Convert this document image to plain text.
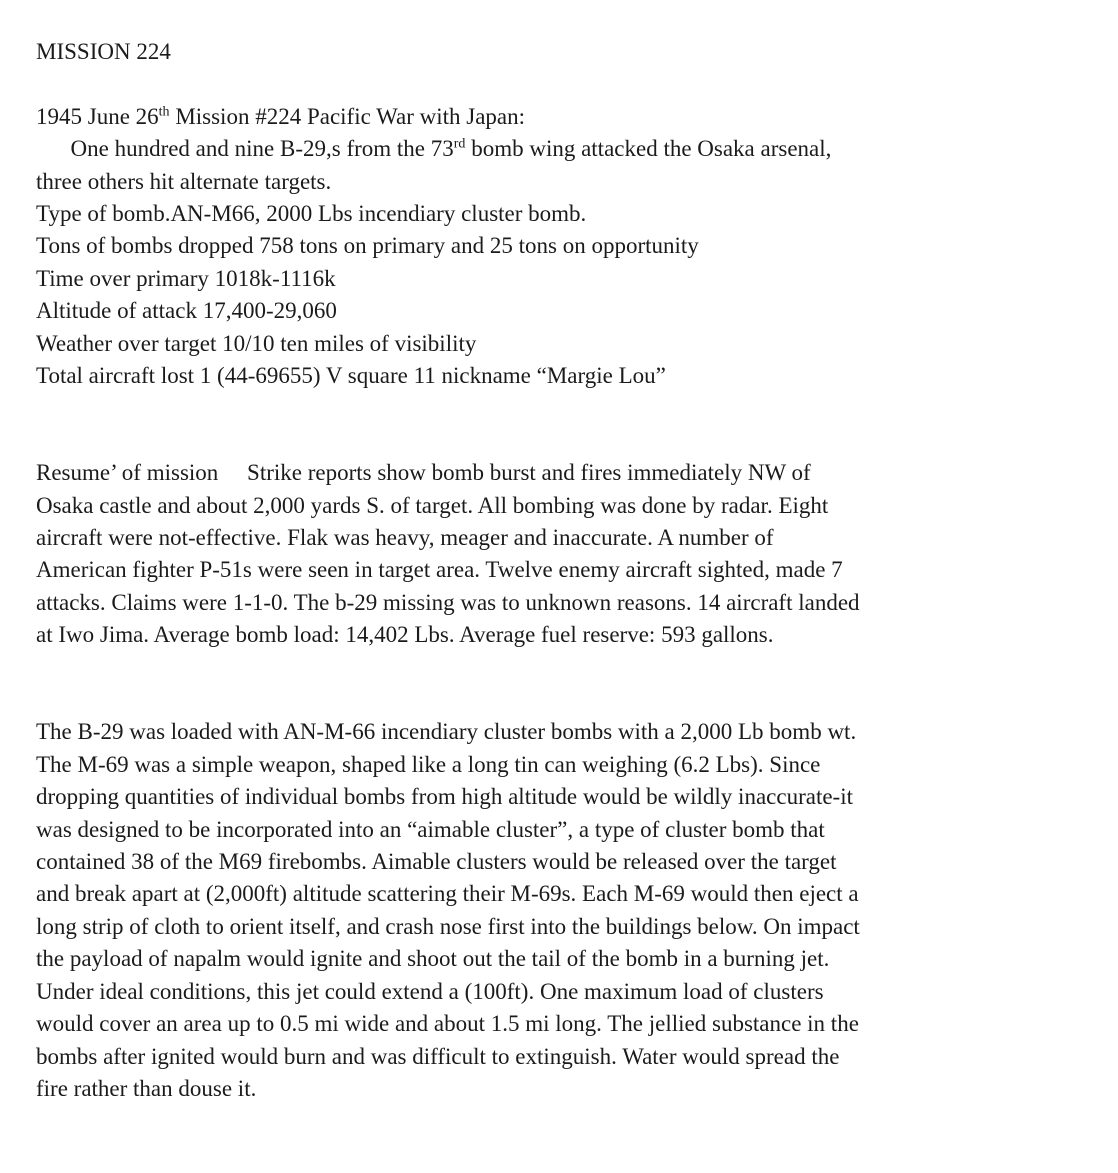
MISSION 224

1945 June 26th Mission #224 Pacific War with Japan:

One hundred and nine B-29,s from the 73rd bomb wing attacked the Osaka arsenal,

three others hit alternate targets.

Type of bomb.AN-M66, 2000 Lbs incendiary cluster bomb.

Tons of bombs dropped 758 tons on primary and 25 tons on opportunity

Time over primary 1018k-1116k

Altitude of attack 17,400-29,060

Weather over target 10/10 ten miles of visibility

Total aircraft lost 1 (44-69655) V square 11 nickname “Margie Lou”

Resume’ of mission     Strike reports show bomb burst and fires immediately NW of

Osaka castle and about 2,000 yards S. of target. All bombing was done by radar. Eight

aircraft were not-effective. Flak was heavy, meager and inaccurate. A number of

American fighter P-51s were seen in target area. Twelve enemy aircraft sighted, made 7

attacks. Claims were 1-1-0. The b-29 missing was to unknown reasons. 14 aircraft landed

at Iwo Jima. Average bomb load: 14,402 Lbs. Average fuel reserve: 593 gallons.

The B-29 was loaded with AN-M-66 incendiary cluster bombs with a 2,000 Lb bomb wt.

The M-69 was a simple weapon, shaped like a long tin can weighing (6.2 Lbs). Since

dropping quantities of individual bombs from high altitude would be wildly inaccurate-it

was designed to be incorporated into an “aimable cluster”, a type of cluster bomb that

contained 38 of the M69 firebombs. Aimable clusters would be released over the target

and break apart at (2,000ft) altitude scattering their M-69s. Each M-69 would then eject a

long strip of cloth to orient itself, and crash nose first into the buildings below. On impact

the payload of napalm would ignite and shoot out the tail of the bomb in a burning jet.

Under ideal conditions, this jet could extend a (100ft). One maximum load of clusters

would cover an area up to 0.5 mi wide and about 1.5 mi long. The jellied substance in the

bombs after ignited would burn and was difficult to extinguish. Water would spread the

fire rather than douse it.
